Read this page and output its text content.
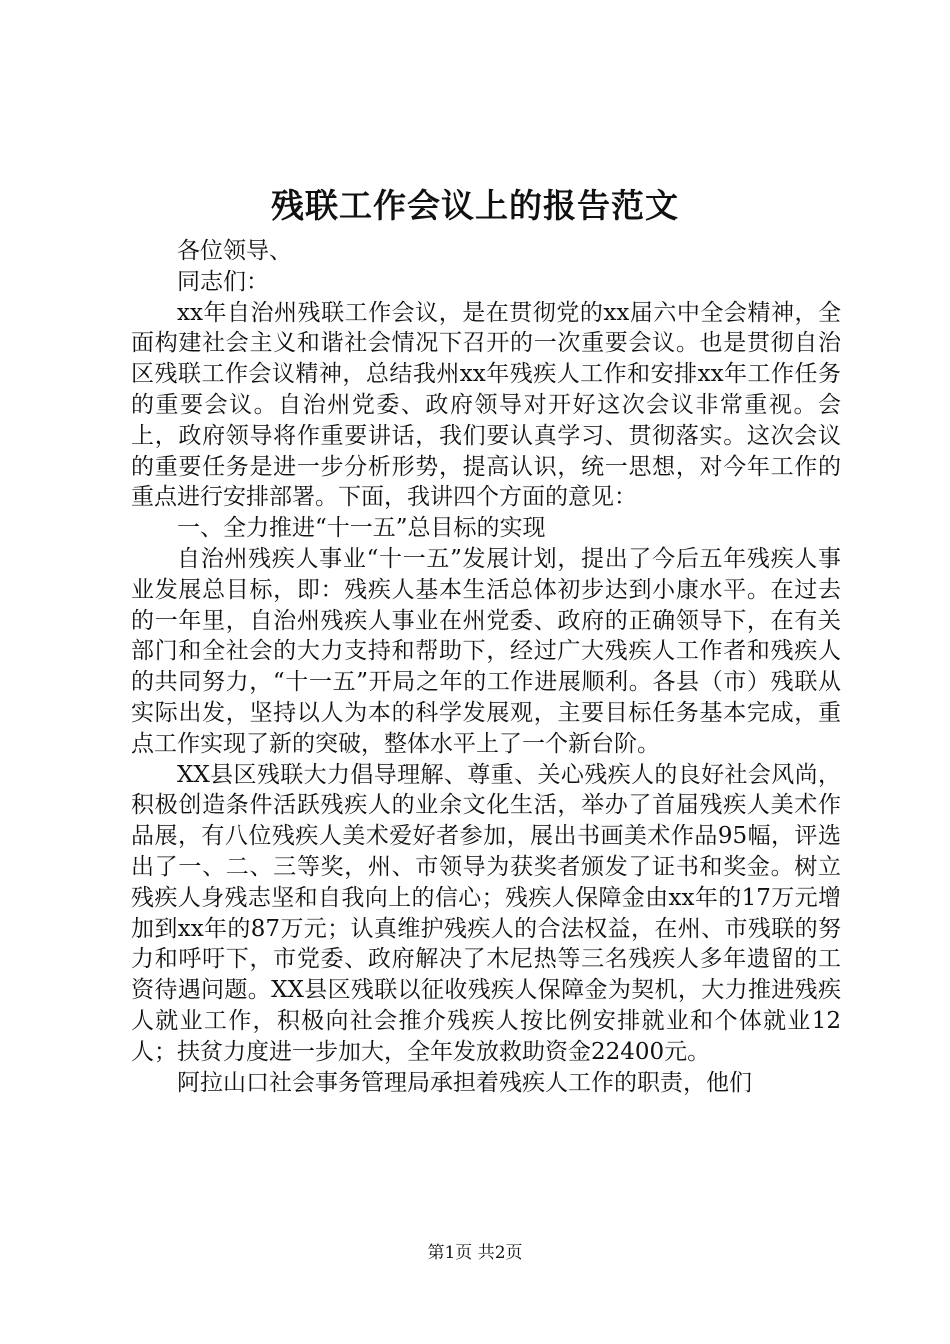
残联工作会议上的报告范文

各位领导、

同志们：

xx年自治州残联工作会议，是在贯彻党的xx届六中全会精神，全面构建社会主义和谐社会情况下召开的一次重要会议。也是贯彻自治区残联工作会议精神，总结我州xx年残疾人工作和安排xx年工作任务的重要会议。自治州党委、政府领导对开好这次会议非常重视。会上，政府领导将作重要讲话，我们要认真学习、贯彻落实。这次会议的重要任务是进一步分析形势，提高认识，统一思想，对今年工作的重点进行安排部署。下面，我讲四个方面的意见：

一、全力推进“十一五”总目标的实现

自治州残疾人事业“十一五”发展计划，提出了今后五年残疾人事业发展总目标，即：残疾人基本生活总体初步达到小康水平。在过去的一年里，自治州残疾人事业在州党委、政府的正确领导下，在有关部门和全社会的大力支持和帮助下，经过广大残疾人工作者和残疾人的共同努力，“十一五”开局之年的工作进展顺利。各县（市）残联从实际出发，坚持以人为本的科学发展观，主要目标任务基本完成，重点工作实现了新的突破，整体水平上了一个新台阶。

XX县区残联大力倡导理解、尊重、关心残疾人的良好社会风尚，积极创造条件活跃残疾人的业余文化生活，举办了首届残疾人美术作品展，有八位残疾人美术爱好者参加，展出书画美术作品95幅，评选出了一、二、三等奖，州、市领导为获奖者颁发了证书和奖金。树立残疾人身残志坚和自我向上的信心；残疾人保障金由xx年的17万元增加到xx年的87万元；认真维护残疾人的合法权益，在州、市残联的努力和呼吁下，市党委、政府解决了木尼热等三名残疾人多年遗留的工资待遇问题。XX县区残联以征收残疾人保障金为契机，大力推进残疾人就业工作，积极向社会推介残疾人按比例安排就业和个体就业12人；扶贫力度进一步加大，全年发放救助资金22400元。

阿拉山口社会事务管理局承担着残疾人工作的职责，他们

第1页 共2页
